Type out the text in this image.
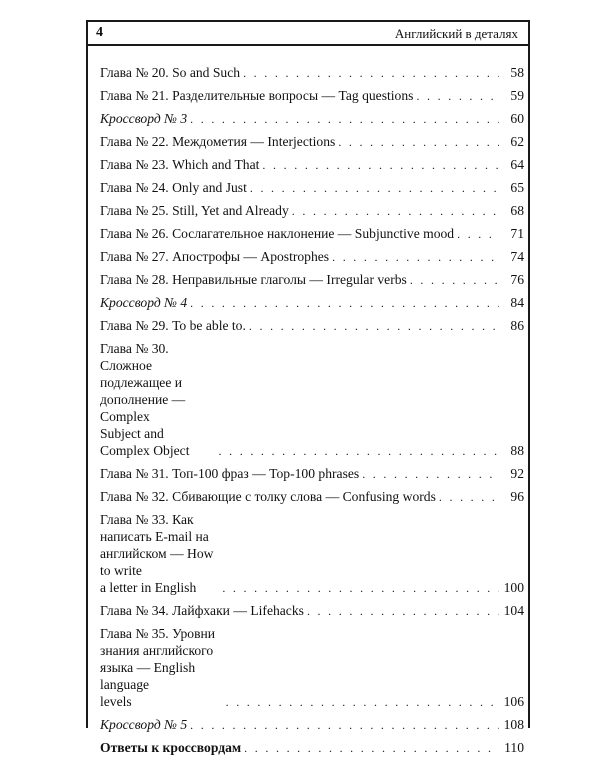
4	Английский в деталях
Глава № 20. So and Such . . .	58
Глава № 21. Разделительные вопросы — Tag questions . . .	59
Кроссворд № 3 . . .	60
Глава № 22. Междометия — Interjections . . .	62
Глава № 23. Which and That . . .	64
Глава № 24. Only and Just . . .	65
Глава № 25. Still, Yet and Already . . .	68
Глава № 26. Сослагательное наклонение — Subjunctive mood . . .	71
Глава № 27. Апострофы — Apostrophes . . .	74
Глава № 28. Неправильные глаголы — Irregular verbs . . .	76
Кроссворд № 4 . . .	84
Глава № 29. To be able to. . . .	86
Глава № 30. Сложное подлежащее и дополнение — Complex
Subject and Complex Object . . .	88
Глава № 31. Топ-100 фраз — Top-100 phrases . . .	92
Глава № 32. Сбивающие с толку слова — Confusing words . . .	96
Глава № 33. Как написать E-mail на английском — How to write
a letter in English . . .	100
Глава № 34. Лайфхаки — Lifehacks . . .	104
Глава № 35. Уровни знания английского языка — English language
levels . . .	106
Кроссворд № 5 . . .	108
Ответы к кроссвордам . . .	110
